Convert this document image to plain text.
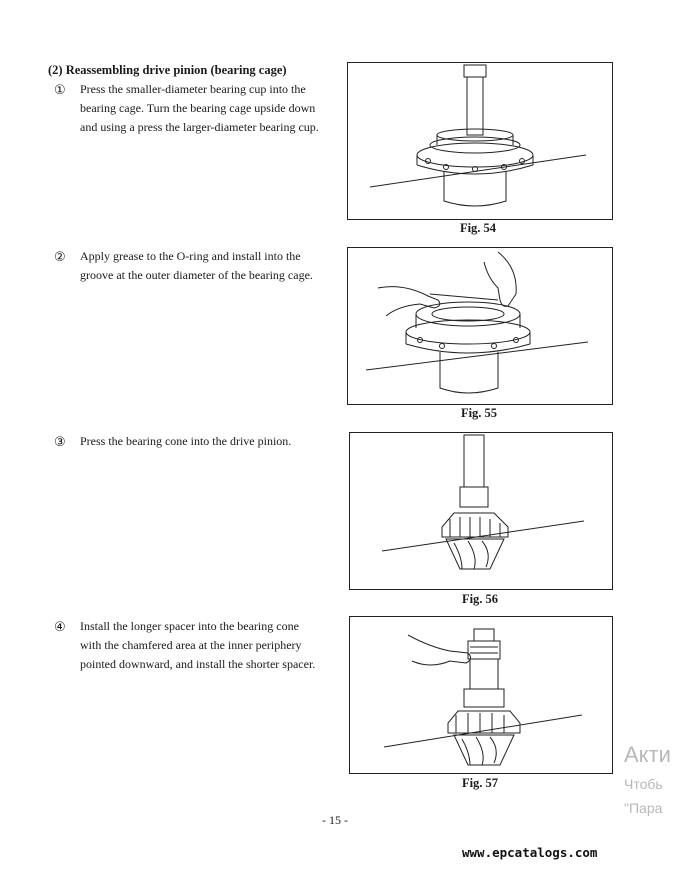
(2) Reassembling drive pinion (bearing cage)
① Press the smaller-diameter bearing cup into the
bearing cage. Turn the bearing cage upside down
and using a press the larger-diameter bearing cup.
② Apply grease to the O-ring and install into the
groove at the outer diameter of the bearing cage.
③ Press the bearing cone into the drive pinion.
④ Install the longer spacer into the bearing cone
with the chamfered area at the inner periphery
pointed downward, and install the shorter spacer.
Fig. 54
Fig. 55
Fig. 56
Fig. 57
- 15 -
www.epcatalogs.com
Акти
Чтобь
"Пара
